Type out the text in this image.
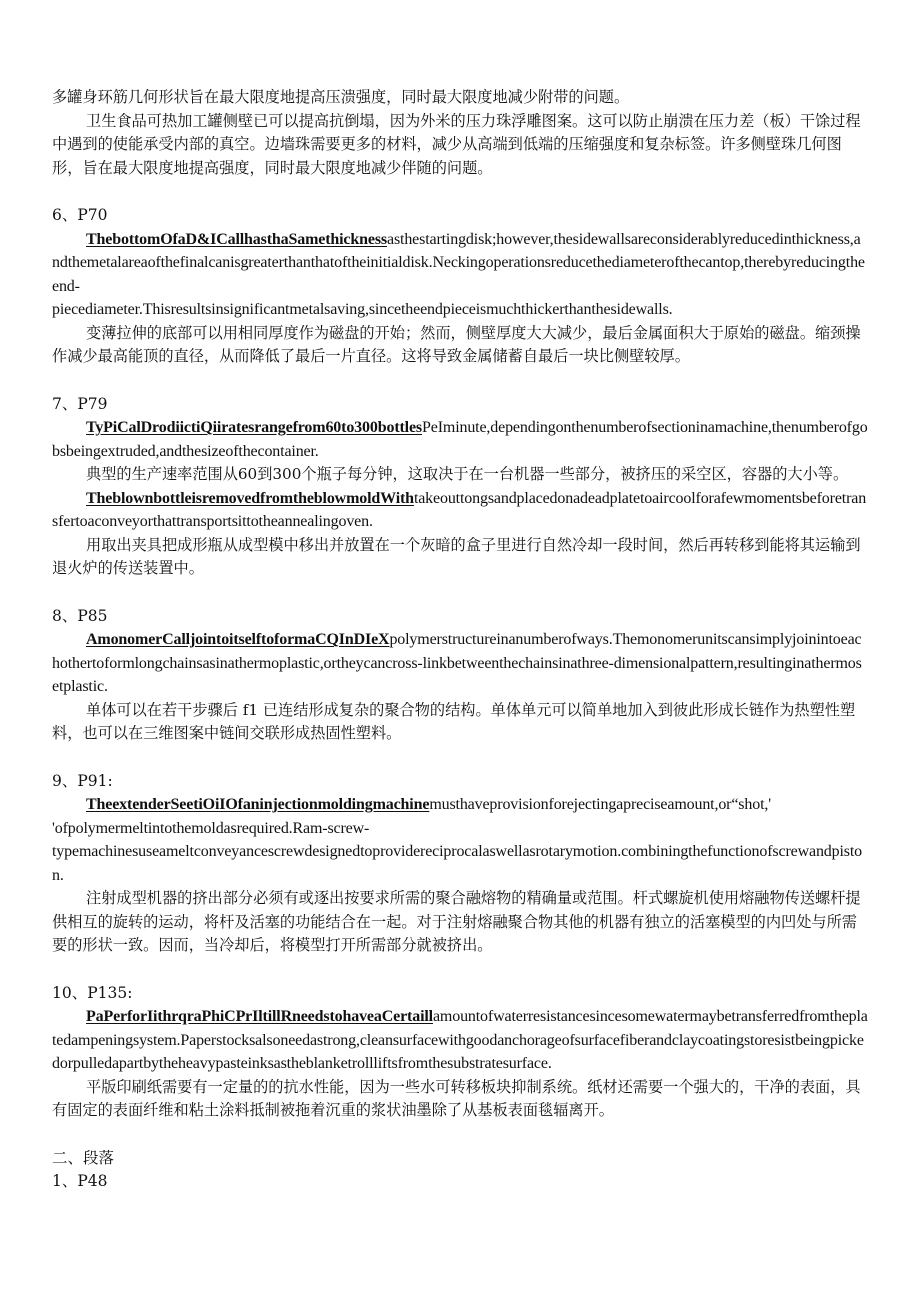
多罐身环筋几何形状旨在最大限度地提高压溃强度，同时最大限度地减少附带的问题。

卫生食品可热加工罐侧壁已可以提高抗倒塌，因为外米的压力珠浮雕图案。这可以防止崩溃在压力差（板）干馀过程中遇到的使能承受内部的真空。边墙珠需要更多的材料，减少从高端到低端的压缩强度和复杂标签。许多侧壁珠几何图形，旨在最大限度地提高强度，同时最大限度地减少伴随的问题。

6、P70

ThebottomOfaD&ICallhasthaSamethicknessasthestartingdisk;however,thesidewallsareconsiderablyreducedinthickness,andthemetalareaofthefinalcanisgreaterthanthatoftheinitialdisk.Neckingoperationsreducethediameterofthecantop,therebyreducingtheend-

piecediameter.Thisresultsinsignificantmetalsaving,sincetheendpieceismuchthickerthanthesidewalls.

变薄拉伸的底部可以用相同厚度作为磁盘的开始；然而，侧壁厚度大大减少，最后金属面积大于原始的磁盘。缩颈操作减少最高能顶的直径，从而降低了最后一片直径。这将导致金属储蓄自最后一块比侧壁较厚。

7、P79

TyPiCalDrodiictiQiiratesrangefrom60to300bottlesPeIminute,dependingonthenumberofsectioninamachine,thenumberofgobsbeingextruded,andthesizeofthecontainer.

典型的生产速率范围从60到300个瓶子每分钟，这取决于在一台机器一些部分，被挤压的采空区，容器的大小等。

TheblownbottleisremovedfromtheblowmoldWithtakeouttongsandplacedonadeadplatetoaircoolforafewmomentsbeforetransfertoaconveyorthattransportsittotheannealingoven.

用取出夹具把成形瓶从成型模中移出并放置在一个灰暗的盒子里进行自然冷却一段时间，然后再转移到能将其运输到退火炉的传送装置中。

8、P85

AmonomerCalljointoitselftoformaCQInDIeXpolymerstructureinanumberofways.Themonomerunitscansimplyjoinintoeachothertoformlongchainsasinathermoplastic,ortheycancross-linkbetweenthechainsinathree-dimensionalpattern,resultinginathermosetplastic.

单体可以在若干步骤后 f1 已连结形成复杂的聚合物的结构。单体单元可以简单地加入到彼此形成长链作为热塑性塑料，也可以在三维图案中链间交联形成热固性塑料。

9、P91:

TheextenderSeetiOiIOfaninjectionmoldingmachinemusthaveprovisionforejectingapreciseamount,or“shot,'

'ofpolymermeltintothemoldasrequired.Ram-screw-

typemachinesuseameltconveyancescrewdesignedtoprovidereciprocalaswellasrotarymotion.combiningthefunctionofscrewandpiston.

注射成型机器的挤出部分必须有或逐出按要求所需的聚合融熔物的精确量或范围。杆式螺旋机使用熔融物传送螺杆提供相互的旋转的运动，将杆及活塞的功能结合在一起。对于注射熔融聚合物其他的机器有独立的活塞模型的内凹处与所需要的形状一致。因而，当冷却后，将模型打开所需部分就被挤出。

10、P135:

PaPerforIithrqraPhiCPrIltillRneedstohaveaCertaillamountofwaterresistancesincesomewatermaybetransferredfromtheplatedampeningsystem.Paperstocksalsoneedastrong,cleansurfacewithgoodanchorageofsurfacefiberandclaycoatingstoresistbeingpickedorpulledapartbytheheavypasteinksastheblanketrollliftsfromthesubstratesurface.

平版印刷纸需要有一定量的的抗水性能，因为一些水可转移板块抑制系统。纸材还需要一个强大的，干净的表面，具有固定的表面纤维和粘土涂料抵制被拖着沉重的浆状油墨除了从基板表面毯辐离开。

二、段落

1、P48
